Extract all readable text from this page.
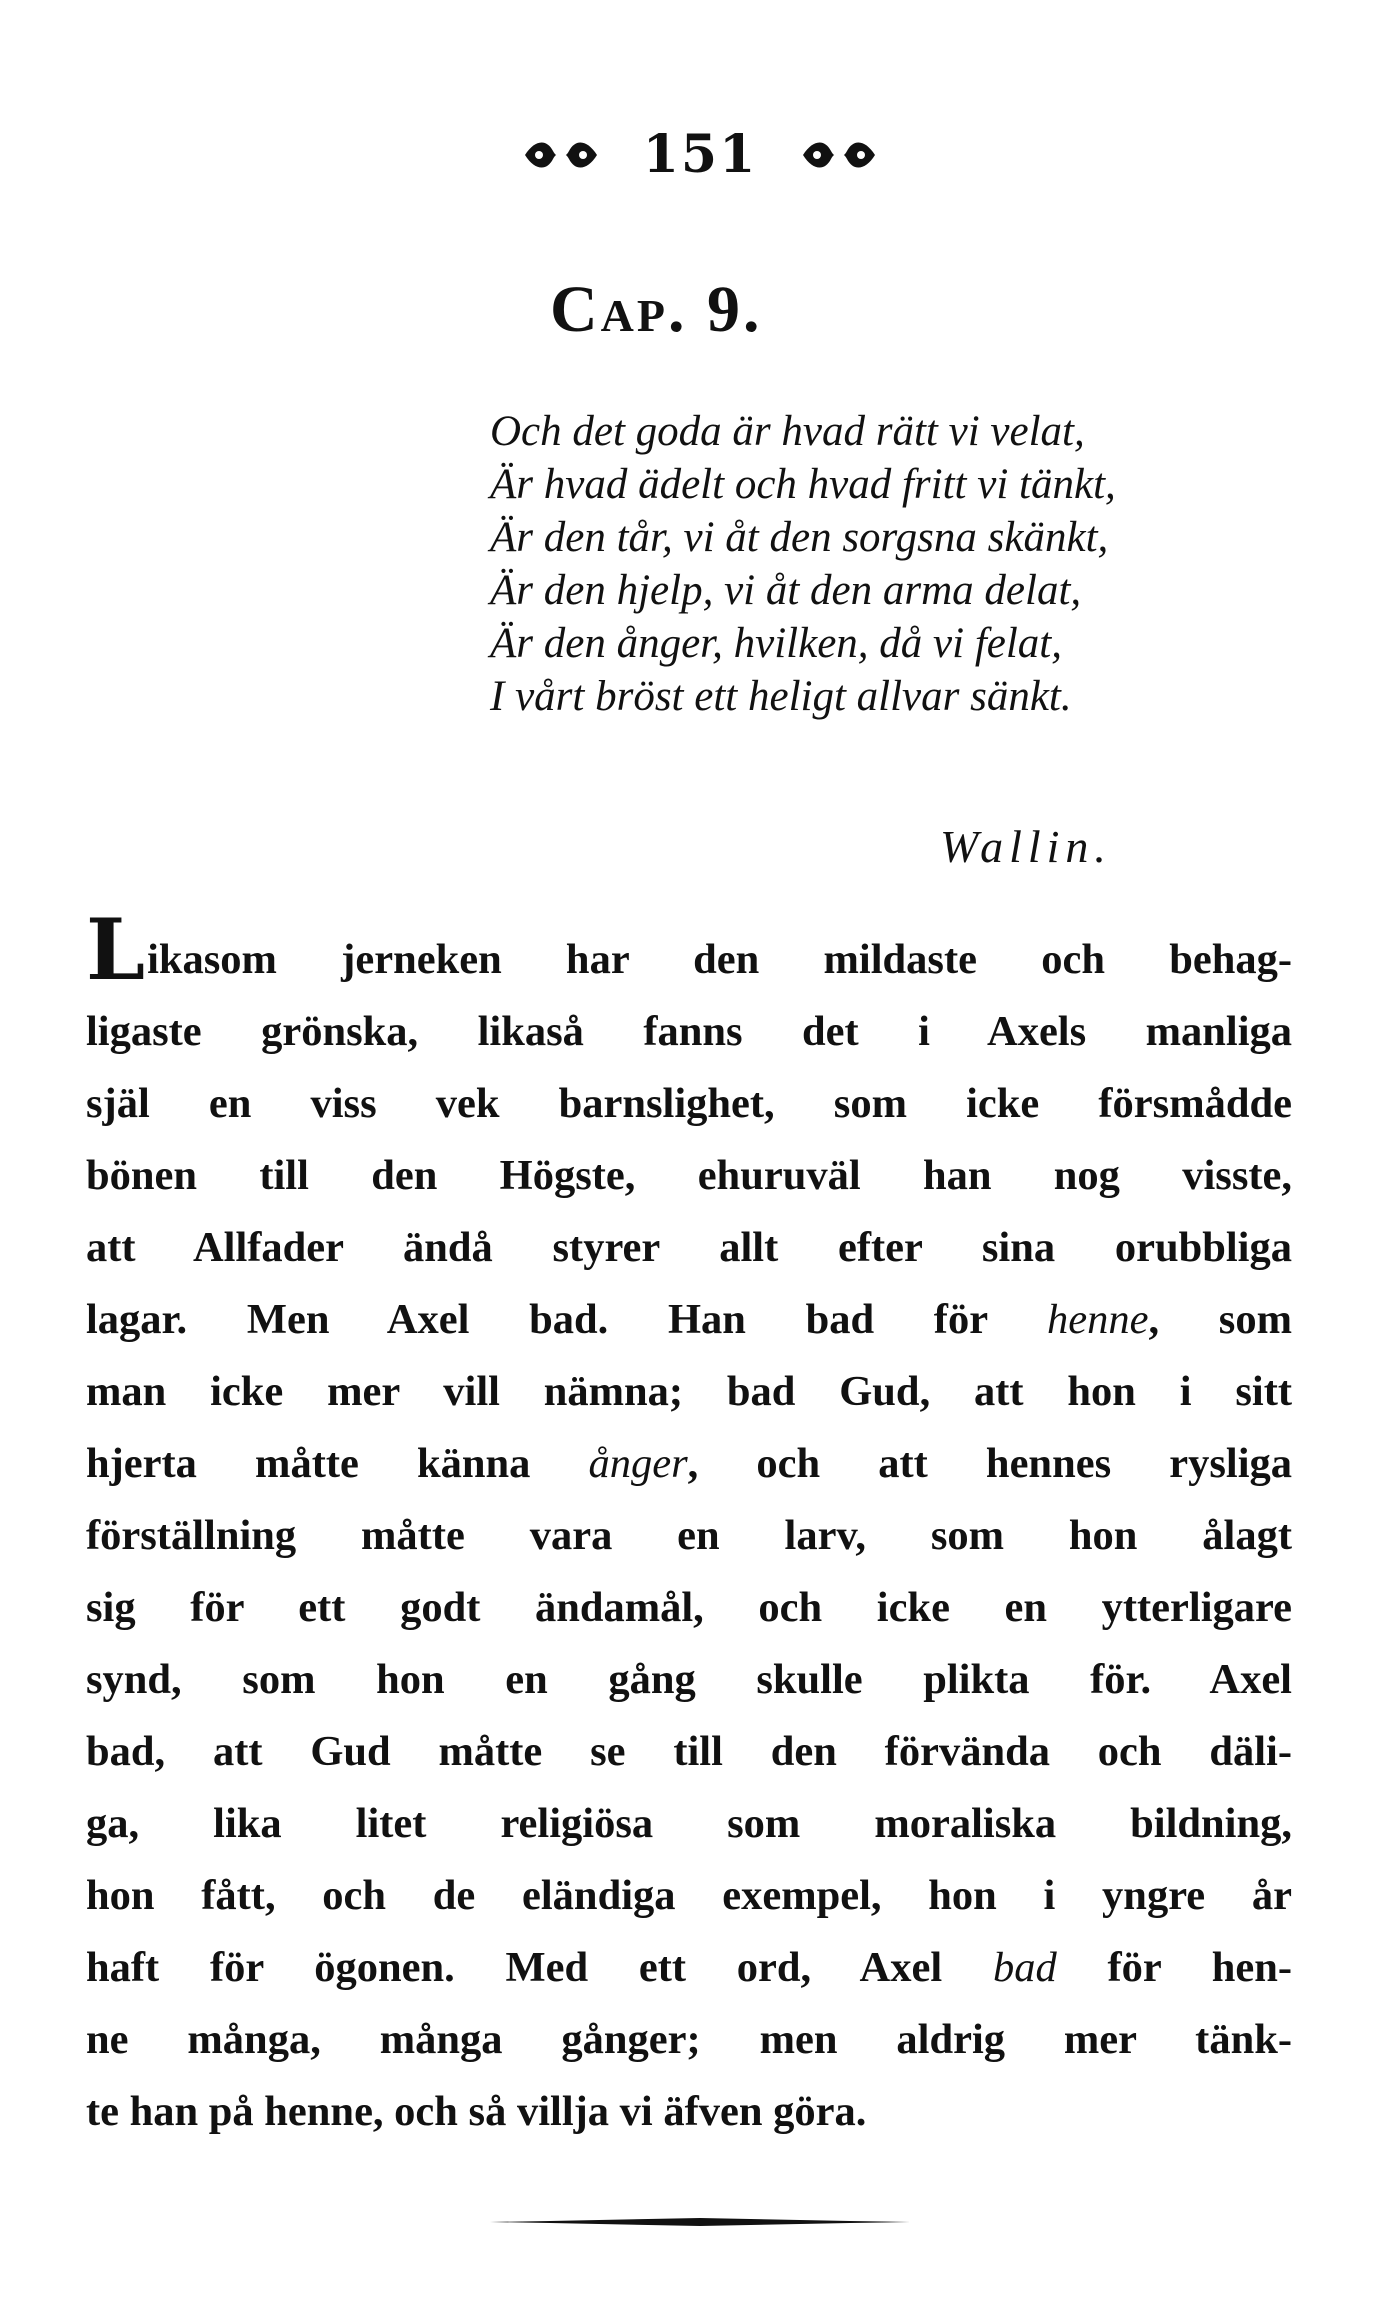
151
Cap. 9.
Och det goda är hvad rätt vi velat,
Är hvad ädelt och hvad fritt vi tänkt,
Är den tår, vi åt den sorgsna skänkt,
Är den hjelp, vi åt den arma delat,
Är den ånger, hvilken, då vi felat,
I vårt bröst ett heligt allvar sänkt.
Wallin.
Likasom jerneken har den mildaste och behag-
ligaste grönska, likaså fanns det i Axels manliga
själ en viss vek barnslighet, som icke försmådde
bönen till den Högste, ehuruväl han nog visste,
att Allfader ändå styrer allt efter sina orubbliga
lagar. Men Axel bad. Han bad för henne, som
man icke mer vill nämna; bad Gud, att hon i sitt
hjerta måtte känna ånger, och att hennes rysliga
förställning måtte vara en larv, som hon ålagt
sig för ett godt ändamål, och icke en ytterligare
synd, som hon en gång skulle plikta för. Axel
bad, att Gud måtte se till den förvända och däli-
ga, lika litet religiösa som moraliska bildning,
hon fått, och de eländiga exempel, hon i yngre år
haft för ögonen. Med ett ord, Axel bad för hen-
ne många, många gånger; men aldrig mer tänk-
te han på henne, och så villja vi äfven göra.
